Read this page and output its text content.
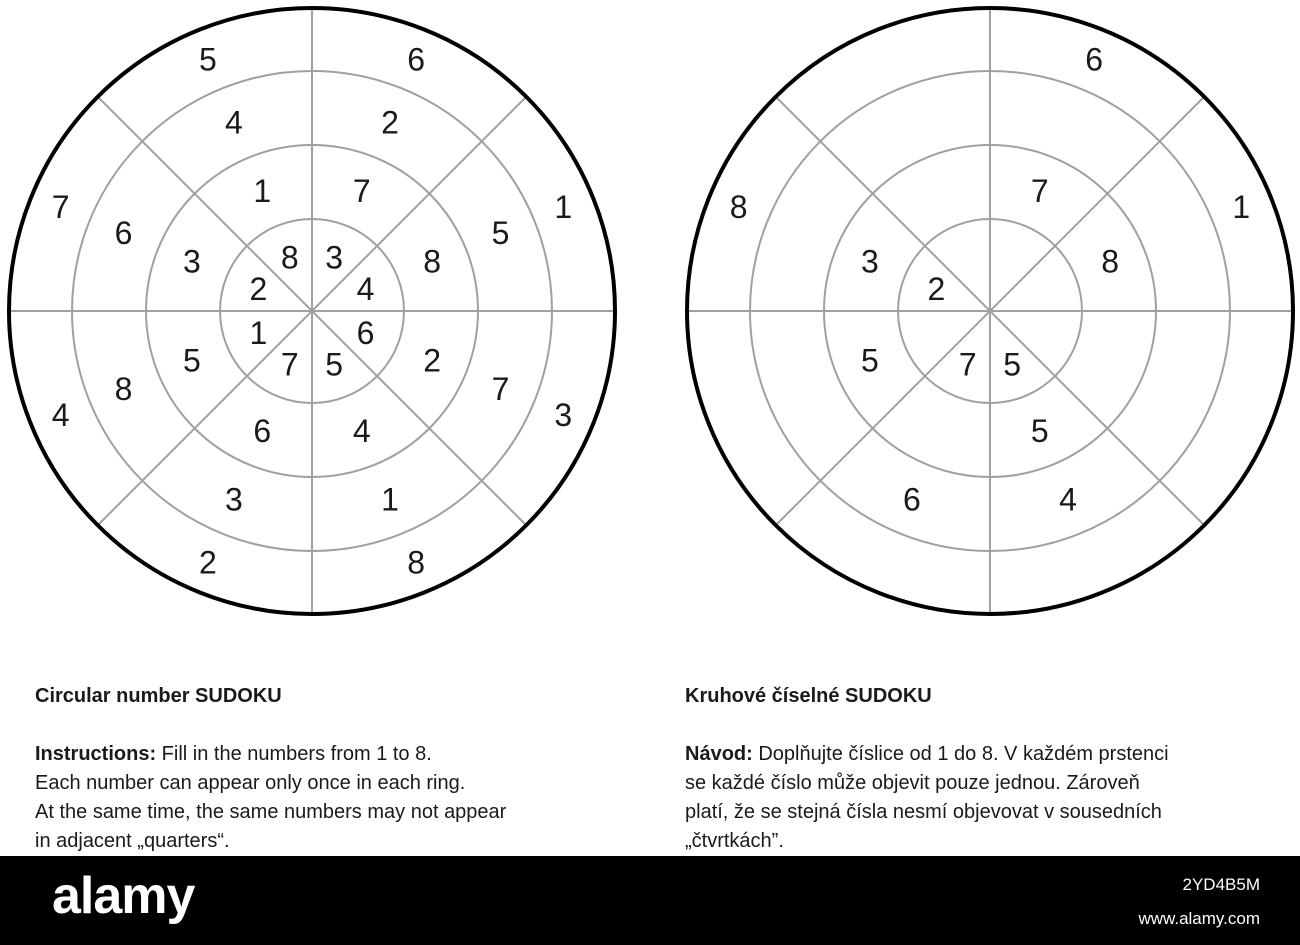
5	6
1
3
8
2
4
7
4	2
5
7
1
3
8
6
1	7
8
2
4
6
5
3	8 3
4
6
5
7
1
2
6
1
8
4
6
7
8
5
5
3
5
7
2
Circular number SUDOKU
Instructions: Fill in the numbers from 1 to 8.
Each number can appear only once in each ring.
At the same time, the same numbers may not appear
in adjacent „quarters“.
Kruhové číselné SUDOKU
Návod: Doplňujte číslice od 1 do 8. V každém prstenci
se každé číslo může objevit pouze jednou. Zároveň
platí, že se stejná čísla nesmí objevovat v sousedních
„čtvrtkách”.
alamy	2YD4B5M
www.alamy.com
